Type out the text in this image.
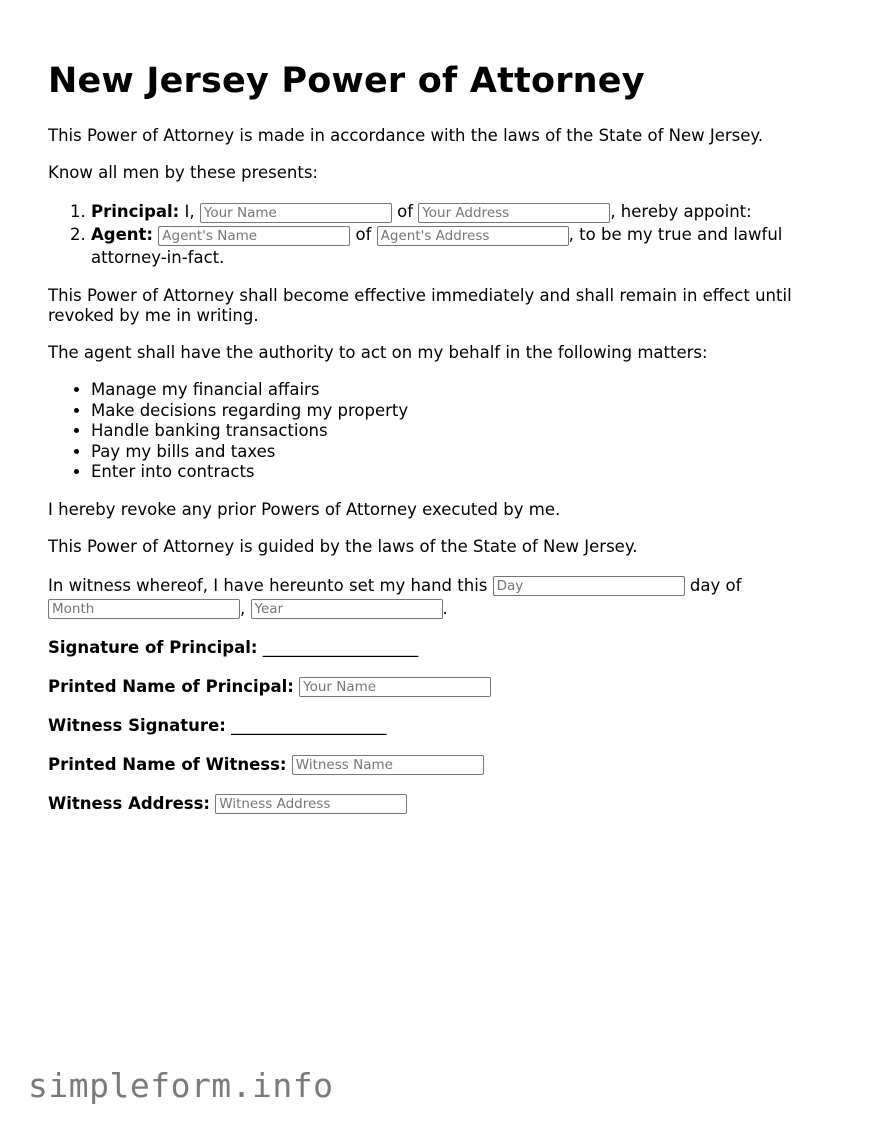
New Jersey Power of Attorney

This Power of Attorney is made in accordance with the laws of the State of New Jersey.

Know all men by these presents:

1. Principal: I, Your Name	of Your Address	, hereby appoint:
2. Agent: Agent's Name	of Agent's Address	, to be my true and lawful attorney-in-fact.

This Power of Attorney shall become effective immediately and shall remain in effect until revoked by me in writing.

The agent shall have the authority to act on my behalf in the following matters:

• Manage my financial affairs
• Make decisions regarding my property
• Handle banking transactions
• Pay my bills and taxes
• Enter into contracts

I hereby revoke any prior Powers of Attorney executed by me.

This Power of Attorney is guided by the laws of the State of New Jersey.

In witness whereof, I have hereunto set my hand this Day	day of Month, Year	.

Signature of Principal: ____________________
Printed Name of Principal: Your Name
Witness Signature: ____________________
Printed Name of Witness: Witness Name
Witness Address: Witness Address
simpleform.info
